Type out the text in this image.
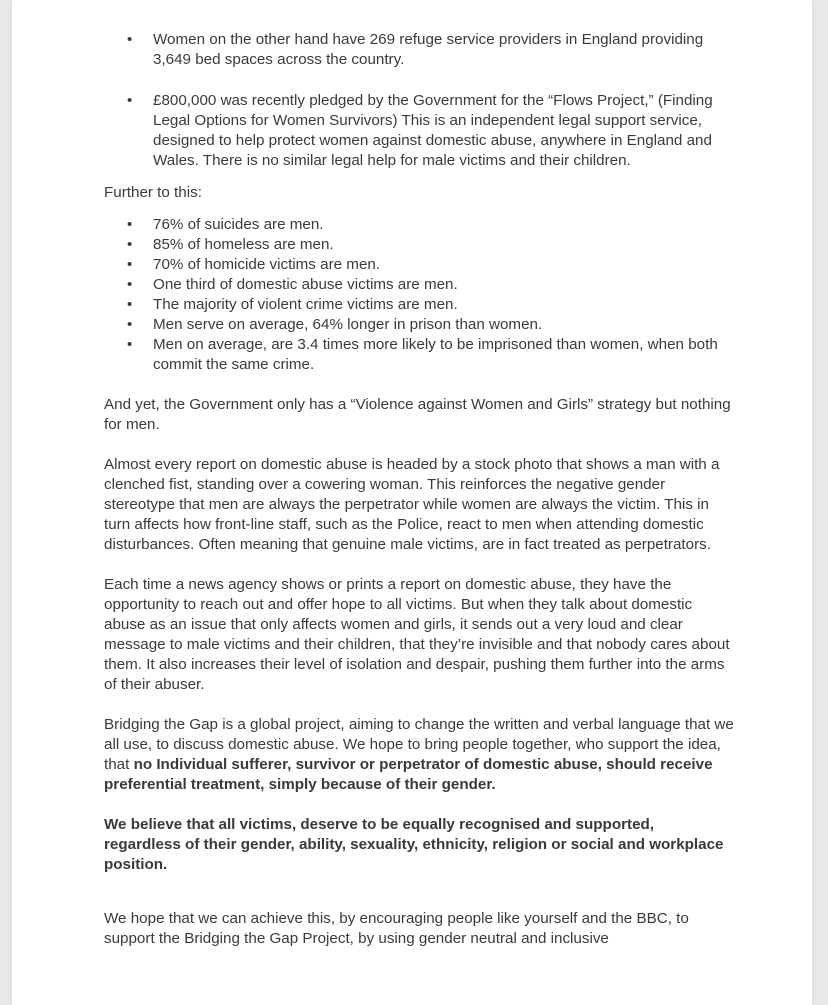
• Women on the other hand have 269 refuge service providers in England providing 3,649 bed spaces across the country.
• £800,000 was recently pledged by the Government for the “Flows Project,” (Finding Legal Options for Women Survivors) This is an independent legal support service, designed to help protect women against domestic abuse, anywhere in England and Wales. There is no similar legal help for male victims and their children.

Further to this:

• 76% of suicides are men.
• 85% of homeless are men.
• 70% of homicide victims are men.
• One third of domestic abuse victims are men.
• The majority of violent crime victims are men.
• Men serve on average, 64% longer in prison than women.
• Men on average, are 3.4 times more likely to be imprisoned than women, when both commit the same crime.

And yet, the Government only has a “Violence against Women and Girls” strategy but nothing for men.

Almost every report on domestic abuse is headed by a stock photo that shows a man with a clenched fist, standing over a cowering woman. This reinforces the negative gender stereotype that men are always the perpetrator while women are always the victim. This in turn affects how front-line staff, such as the Police, react to men when attending domestic disturbances. Often meaning that genuine male victims, are in fact treated as perpetrators.

Each time a news agency shows or prints a report on domestic abuse, they have the opportunity to reach out and offer hope to all victims. But when they talk about domestic abuse as an issue that only affects women and girls, it sends out a very loud and clear message to male victims and their children, that they’re invisible and that nobody cares about them. It also increases their level of isolation and despair, pushing them further into the arms of their abuser.

Bridging the Gap is a global project, aiming to change the written and verbal language that we all use, to discuss domestic abuse. We hope to bring people together, who support the idea, that no Individual sufferer, survivor or perpetrator of domestic abuse, should receive preferential treatment, simply because of their gender.

We believe that all victims, deserve to be equally recognised and supported, regardless of their gender, ability, sexuality, ethnicity, religion or social and workplace position.

We hope that we can achieve this, by encouraging people like yourself and the BBC, to support the Bridging the Gap Project, by using gender neutral and inclusive
